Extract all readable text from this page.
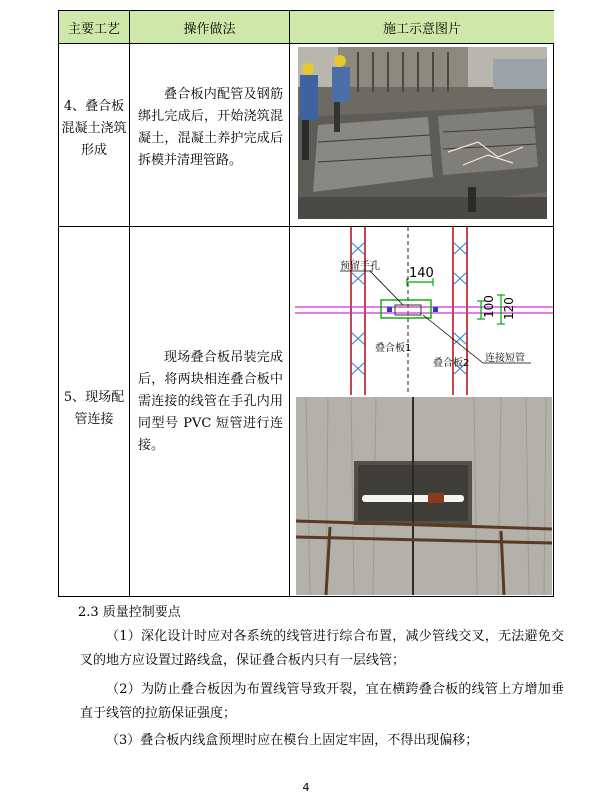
主要工艺	操作做法	施工示意图片
4、叠合板混凝土浇筑形成
叠合板内配管及钢筋绑扎完成后，开始浇筑混凝土，混凝土养护完成后拆模并清理管路。
5、现场配管连接
现场叠合板吊装完成后，将两块相连叠合板中需连接的线管在手孔内用同型号 PVC 短管进行连接。
140
100 120
预留手孔
叠合板1
叠合板2 连接短管
2.3 质量控制要点
（1）深化设计时应对各系统的线管进行综合布置，减少管线交叉，无法避免交叉的地方应设置过路线盒，保证叠合板内只有一层线管；
（2）为防止叠合板因为布置线管导致开裂，宜在横跨叠合板的线管上方增加垂直于线管的拉筋保证强度；
（3）叠合板内线盒预埋时应在模台上固定牢固，不得出现偏移；
4
